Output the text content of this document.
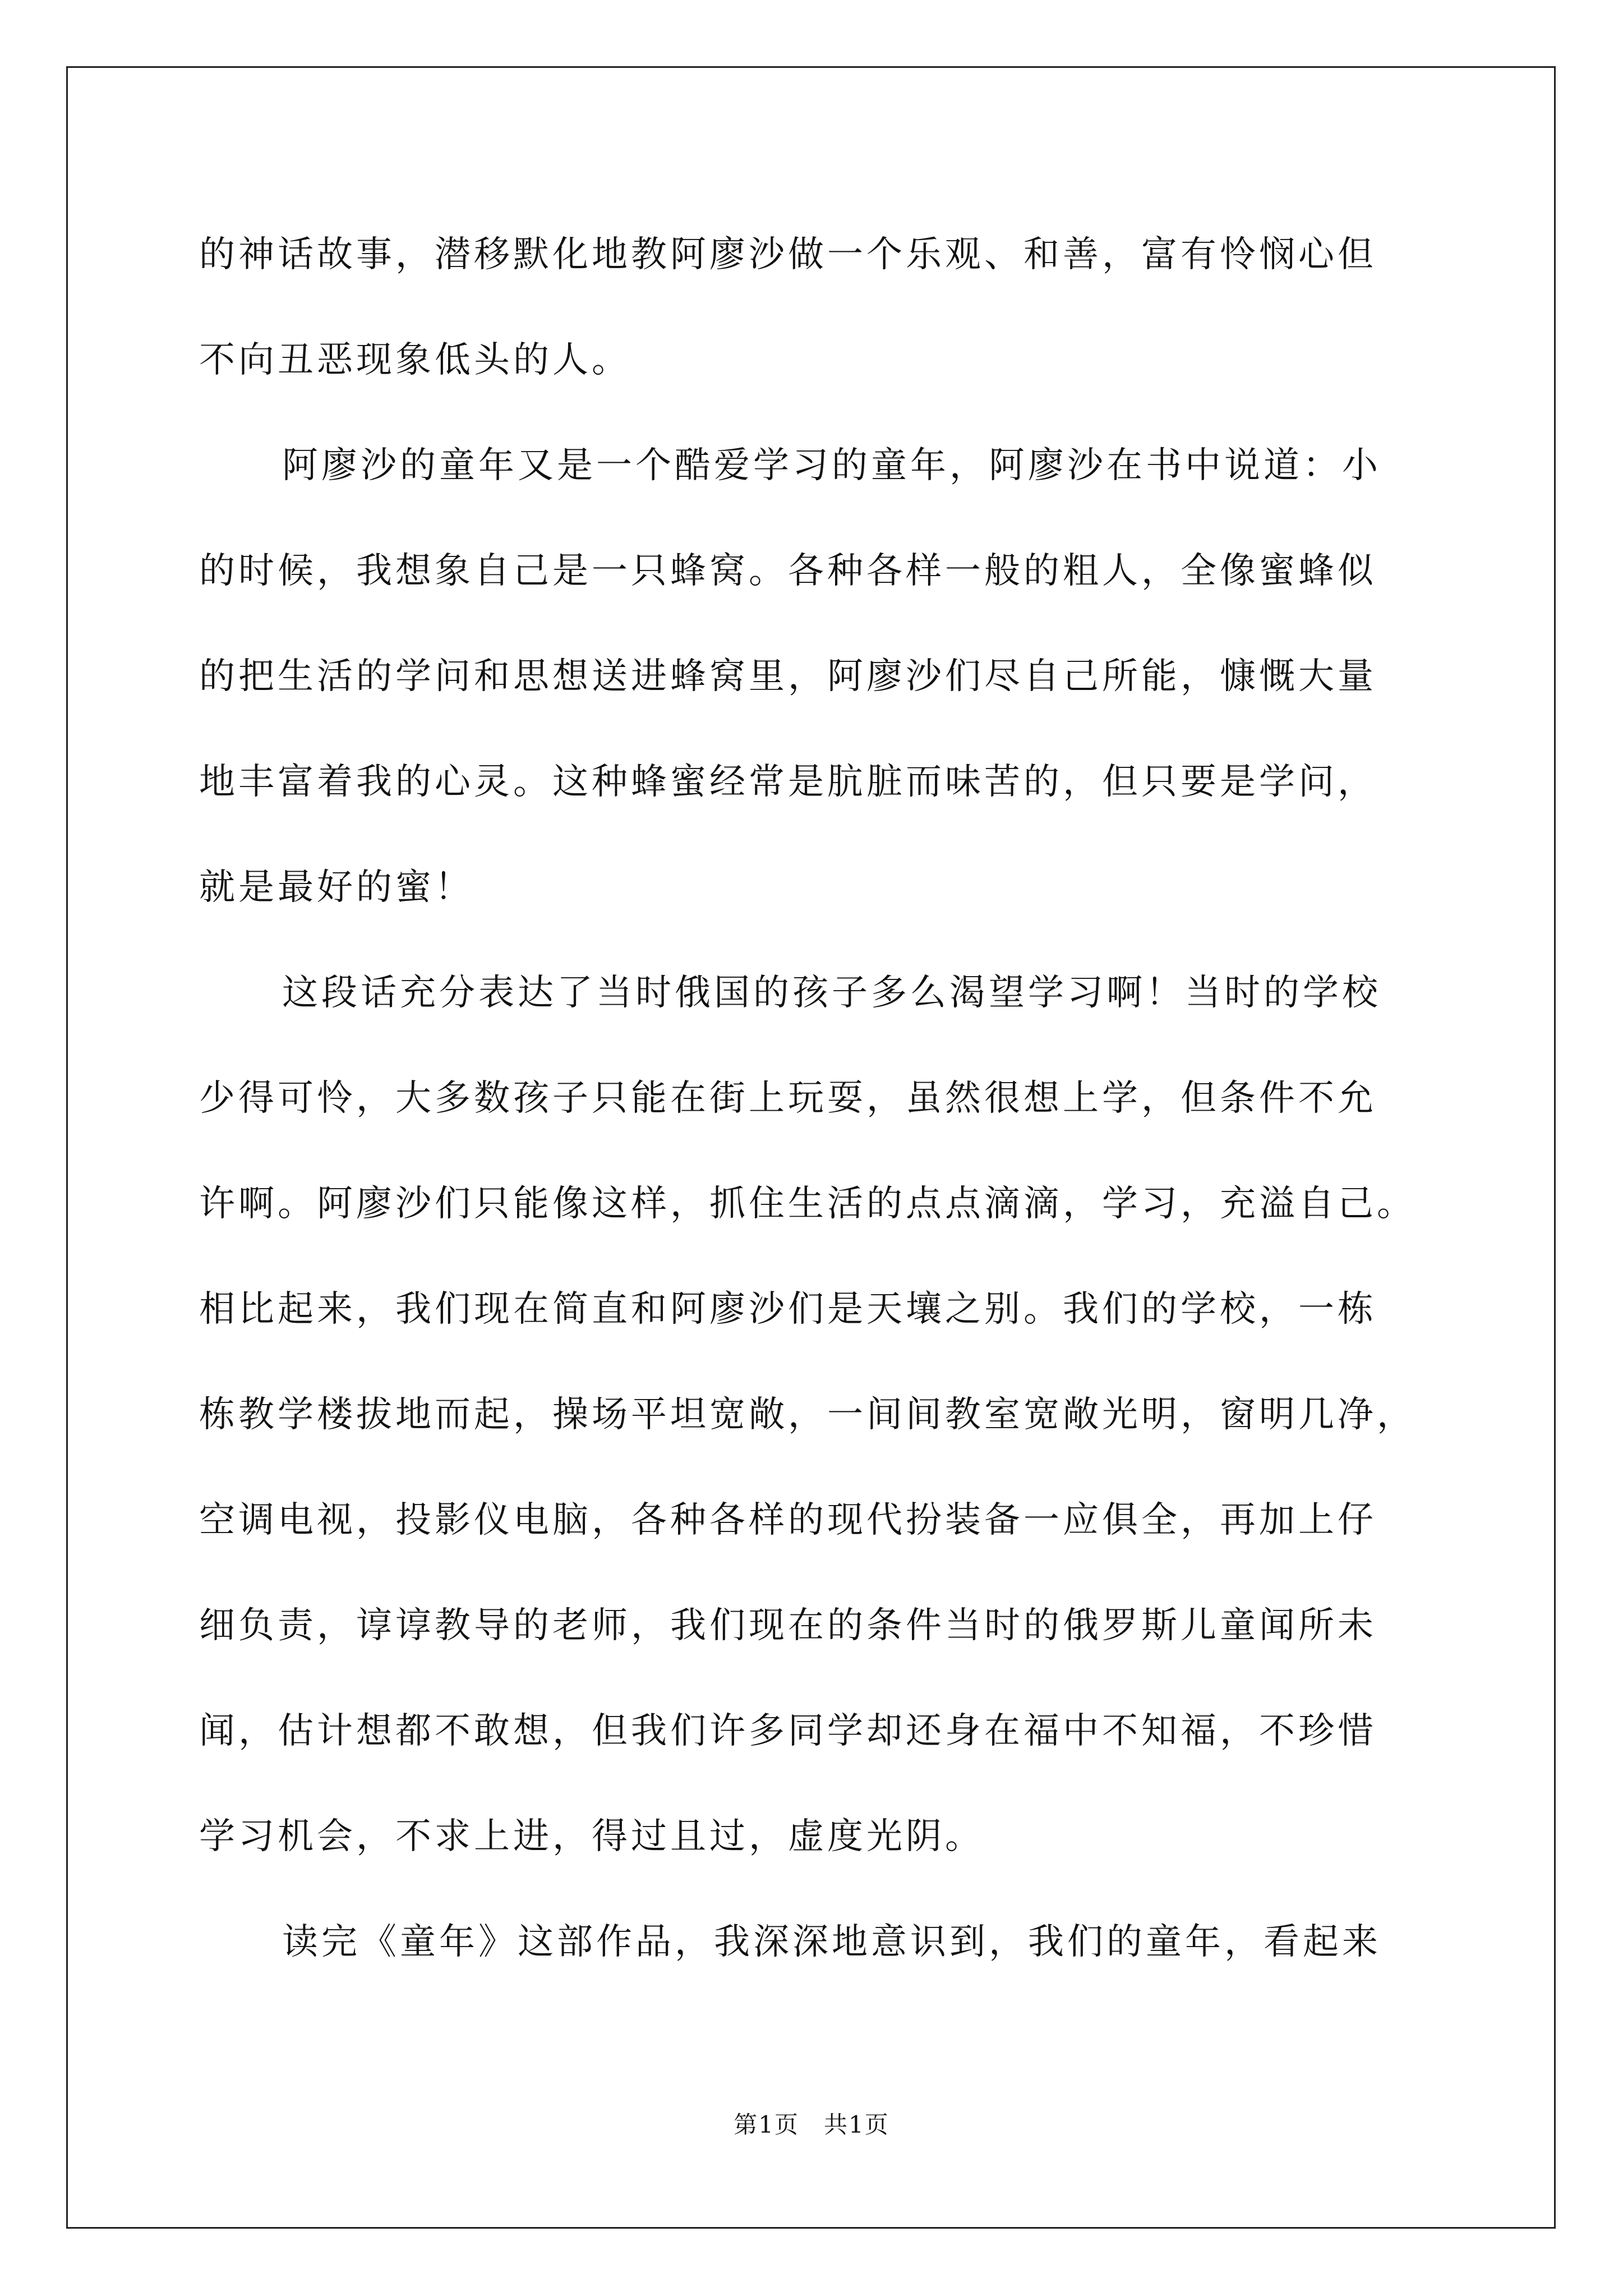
的神话故事，潜移默化地教阿廖沙做一个乐观、和善，富有怜悯心但
不向丑恶现象低头的人。
阿廖沙的童年又是一个酷爱学习的童年，阿廖沙在书中说道：小
的时候，我想象自己是一只蜂窝。各种各样一般的粗人，全像蜜蜂似
的把生活的学问和思想送进蜂窝里，阿廖沙们尽自己所能，慷慨大量
地丰富着我的心灵。这种蜂蜜经常是肮脏而味苦的，但只要是学问，
就是最好的蜜！
这段话充分表达了当时俄国的孩子多么渴望学习啊！当时的学校
少得可怜，大多数孩子只能在街上玩耍，虽然很想上学，但条件不允
许啊。阿廖沙们只能像这样，抓住生活的点点滴滴，学习，充溢自己。
相比起来，我们现在简直和阿廖沙们是天壤之别。我们的学校，一栋
栋教学楼拔地而起，操场平坦宽敞，一间间教室宽敞光明，窗明几净，
空调电视，投影仪电脑，各种各样的现代扮装备一应俱全，再加上仔
细负责，谆谆教导的老师，我们现在的条件当时的俄罗斯儿童闻所未
闻，估计想都不敢想，但我们许多同学却还身在福中不知福，不珍惜
学习机会，不求上进，得过且过，虚度光阴。
读完《童年》这部作品，我深深地意识到，我们的童年，看起来
第1页　共1页
